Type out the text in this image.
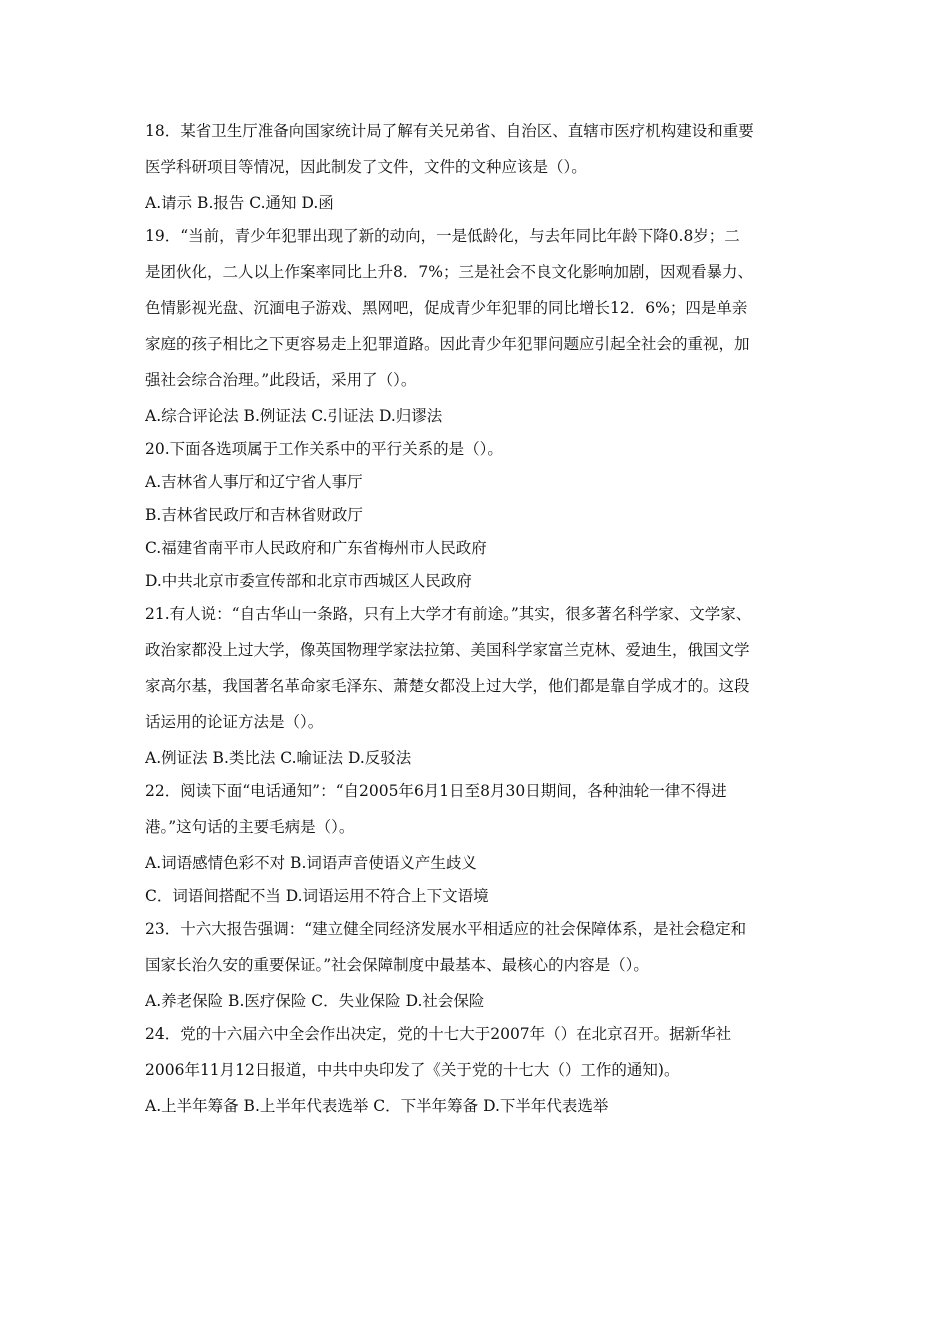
18．某省卫生厅准备向国家统计局了解有关兄弟省、自治区、直辖市医疗机构建设和重要
医学科研项目等情况，因此制发了文件，文件的文种应该是（）。
A.请示 B.报告 C.通知 D.函
19．“当前，青少年犯罪出现了新的动向，一是低龄化，与去年同比年龄下降0.8岁；二
是团伙化，二人以上作案率同比上升8．7%；三是社会不良文化影响加剧，因观看暴力、
色情影视光盘、沉湎电子游戏、黑网吧，促成青少年犯罪的同比增长12．6%；四是单亲
家庭的孩子相比之下更容易走上犯罪道路。因此青少年犯罪问题应引起全社会的重视，加
强社会综合治理。”此段话，采用了（）。
A.综合评论法 B.例证法 C.引证法 D.归谬法
20.下面各选项属于工作关系中的平行关系的是（）。
A.吉林省人事厅和辽宁省人事厅
B.吉林省民政厅和吉林省财政厅
C.福建省南平市人民政府和广东省梅州市人民政府
D.中共北京市委宣传部和北京市西城区人民政府
21.有人说：“自古华山一条路，只有上大学才有前途。”其实，很多著名科学家、文学家、
政治家都没上过大学，像英国物理学家法拉第、美国科学家富兰克林、爱迪生，俄国文学
家高尔基，我国著名革命家毛泽东、萧楚女都没上过大学，他们都是靠自学成才的。这段
话运用的论证方法是（）。
A.例证法 B.类比法 C.喻证法 D.反驳法
22．阅读下面“电话通知”：“自2005年6月1日至8月30日期间，各种油轮一律不得进
港。”这句话的主要毛病是（）。
A.词语感情色彩不对 B.词语声音使语义产生歧义
C．词语间搭配不当 D.词语运用不符合上下文语境
23．十六大报告强调：“建立健全同经济发展水平相适应的社会保障体系，是社会稳定和
国家长治久安的重要保证。”社会保障制度中最基本、最核心的内容是（）。
A.养老保险 B.医疗保险 C．失业保险 D.社会保险
24．党的十六届六中全会作出决定，党的十七大于2007年（）在北京召开。据新华社
2006年11月12日报道，中共中央印发了《关于党的十七大（）工作的通知)。
A.上半年筹备 B.上半年代表选举 C．下半年筹备 D.下半年代表选举
